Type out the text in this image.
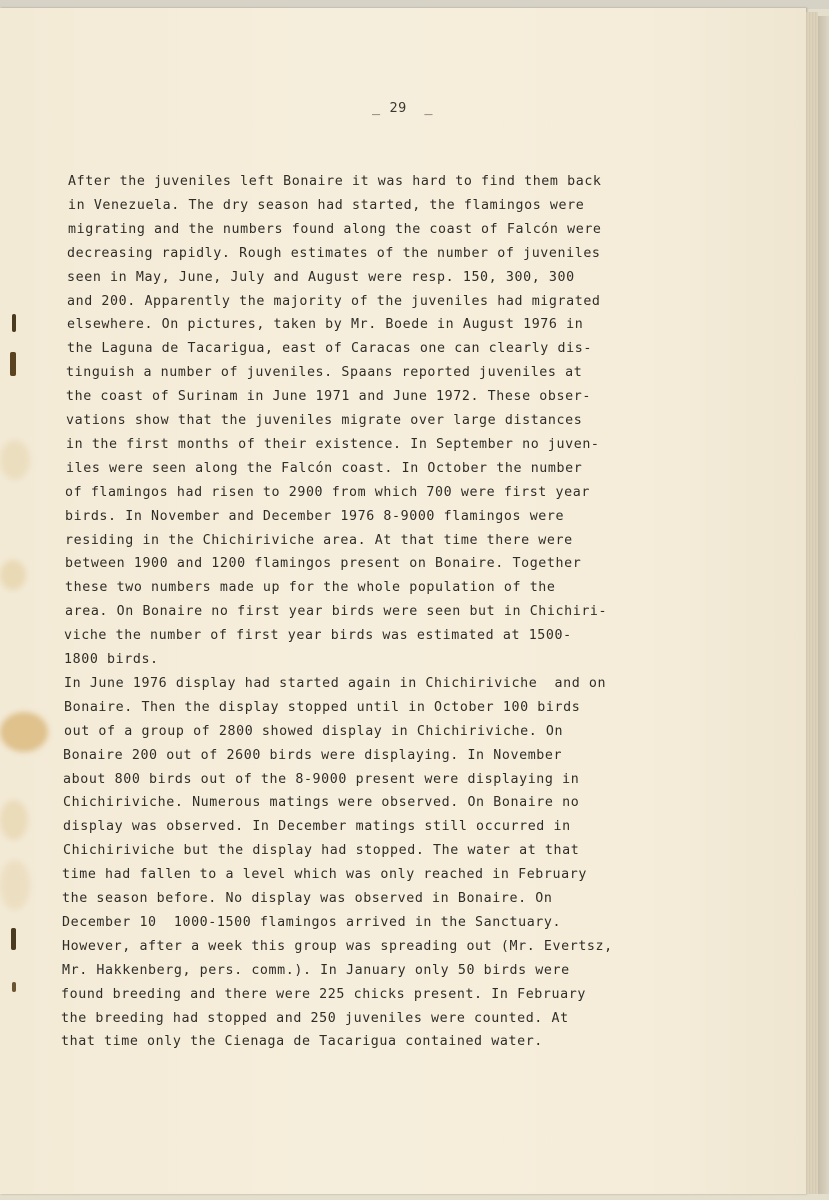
_ 29  _
After the juveniles left Bonaire it was hard to find them back
in Venezuela. The dry season had started, the flamingos were
migrating and the numbers found along the coast of Falcón were
decreasing rapidly. Rough estimates of the number of juveniles
seen in May, June, July and August were resp. 150, 300, 300
and 200. Apparently the majority of the juveniles had migrated
elsewhere. On pictures, taken by Mr. Boede in August 1976 in
the Laguna de Tacarigua, east of Caracas one can clearly dis-
tinguish a number of juveniles. Spaans reported juveniles at
the coast of Surinam in June 1971 and June 1972. These obser-
vations show that the juveniles migrate over large distances
in the first months of their existence. In September no juven-
iles were seen along the Falcón coast. In October the number
of flamingos had risen to 2900 from which 700 were first year
birds. In November and December 1976 8-9000 flamingos were
residing in the Chichiriviche area. At that time there were
between 1900 and 1200 flamingos present on Bonaire. Together
these two numbers made up for the whole population of the
area. On Bonaire no first year birds were seen but in Chichiri-
viche the number of first year birds was estimated at 1500-
1800 birds.
In June 1976 display had started again in Chichiriviche  and on
Bonaire. Then the display stopped until in October 100 birds
out of a group of 2800 showed display in Chichiriviche. On
Bonaire 200 out of 2600 birds were displaying. In November
about 800 birds out of the 8-9000 present were displaying in
Chichiriviche. Numerous matings were observed. On Bonaire no
display was observed. In December matings still occurred in
Chichiriviche but the display had stopped. The water at that
time had fallen to a level which was only reached in February
the season before. No display was observed in Bonaire. On
December 10  1000-1500 flamingos arrived in the Sanctuary.
However, after a week this group was spreading out (Mr. Evertsz,
Mr. Hakkenberg, pers. comm.). In January only 50 birds were
found breeding and there were 225 chicks present. In February
the breeding had stopped and 250 juveniles were counted. At
that time only the Cienaga de Tacarigua contained water.
